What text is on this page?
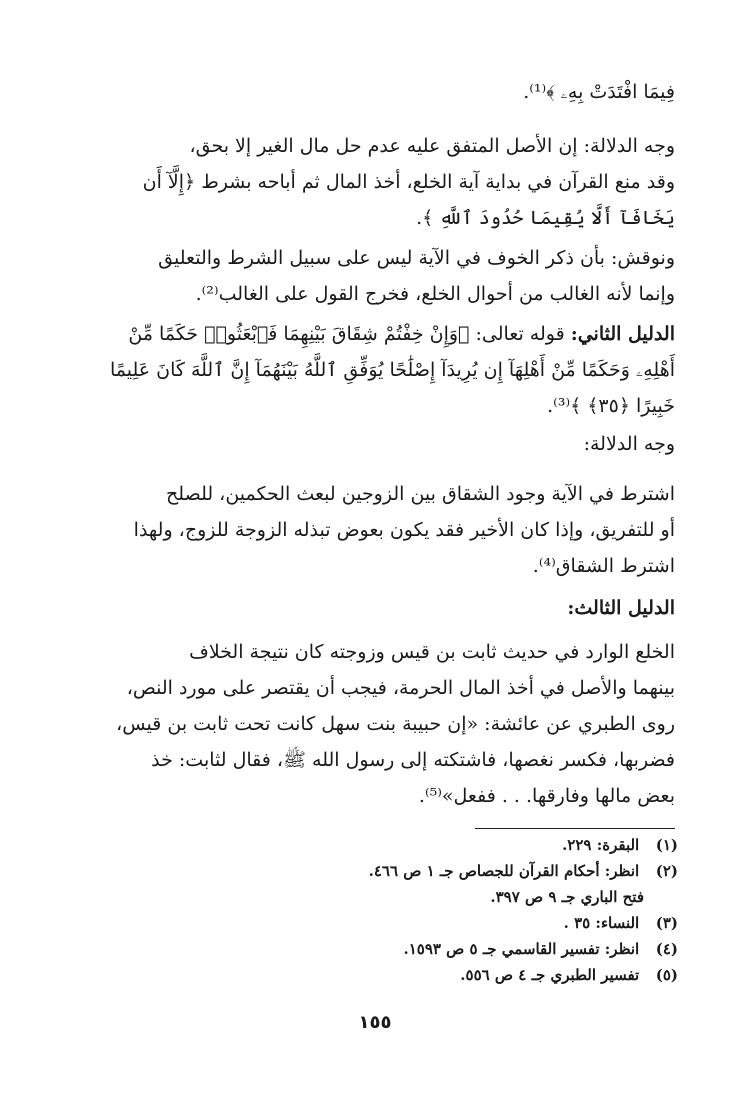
فِيمَا افْتَدَتْ بِهِۦ ﴾⁽¹⁾.
وجه الدلالة: إن الأصل المتفق عليه عدم حل مال الغير إلا بحق،
وقد منع القرآن في بداية آية الخلع، أخذ المال ثم أباحه بشرط ﴿إِلَّآ أَن
يَخَافَآ أَلَّا يُقِيمَا حُدُودَ ٱللَّهِ ﴾.
ونوقش: بأن ذكر الخوف في الآية ليس على سبيل الشرط والتعليق
وإنما لأنه الغالب من أحوال الخلع، فخرج القول على الغالب⁽²⁾.
الدليل الثاني: قوله تعالى: ﴿وَإِنْ خِفْتُمْ شِقَاقَ بَيْنِهِمَا فَٱبْعَثُوا۟ حَكَمًا مِّنْ
أَهْلِهِۦ وَحَكَمًا مِّنْ أَهْلِهَآ إِن يُرِيدَآ إِصْلَٰحًا يُوَفِّقِ ٱللَّهُ بَيْنَهُمَآ إِنَّ ٱللَّهَ كَانَ عَلِيمًا
خَبِيرًا ﴿٣٥﴾ ﴾⁽³⁾.
وجه الدلالة:
اشترط في الآية وجود الشقاق بين الزوجين لبعث الحكمين، للصلح
أو للتفريق، وإذا كان الأخير فقد يكون بعوض تبذله الزوجة للزوج، ولهذا
اشترط الشقاق⁽⁴⁾.
الدليل الثالث:
الخلع الوارد في حديث ثابت بن قيس وزوجته كان نتيجة الخلاف
بينهما والأصل في أخذ المال الحرمة، فيجب أن يقتصر على مورد النص،
روى الطبري عن عائشة: «إن حبيبة بنت سهل كانت تحت ثابت بن قيس،
فضربها، فكسر نغصها، فاشتكته إلى رسول الله ﷺ، فقال لثابت: خذ
بعض مالها وفارقها. . . ففعل»⁽⁵⁾.
(١) البقرة: ٢٢٩.
(٢) انظر: أحكام القرآن للجصاص جـ ١ ص ٤٦٦.
فتح الباري جـ ٩ ص ٣٩٧.
(٣) النساء: ٣٥ .
(٤) انظر: تفسير القاسمي جـ ٥ ص ١٥٩٣.
(٥) تفسير الطبري جـ ٤ ص ٥٥٦.
١٥٥
